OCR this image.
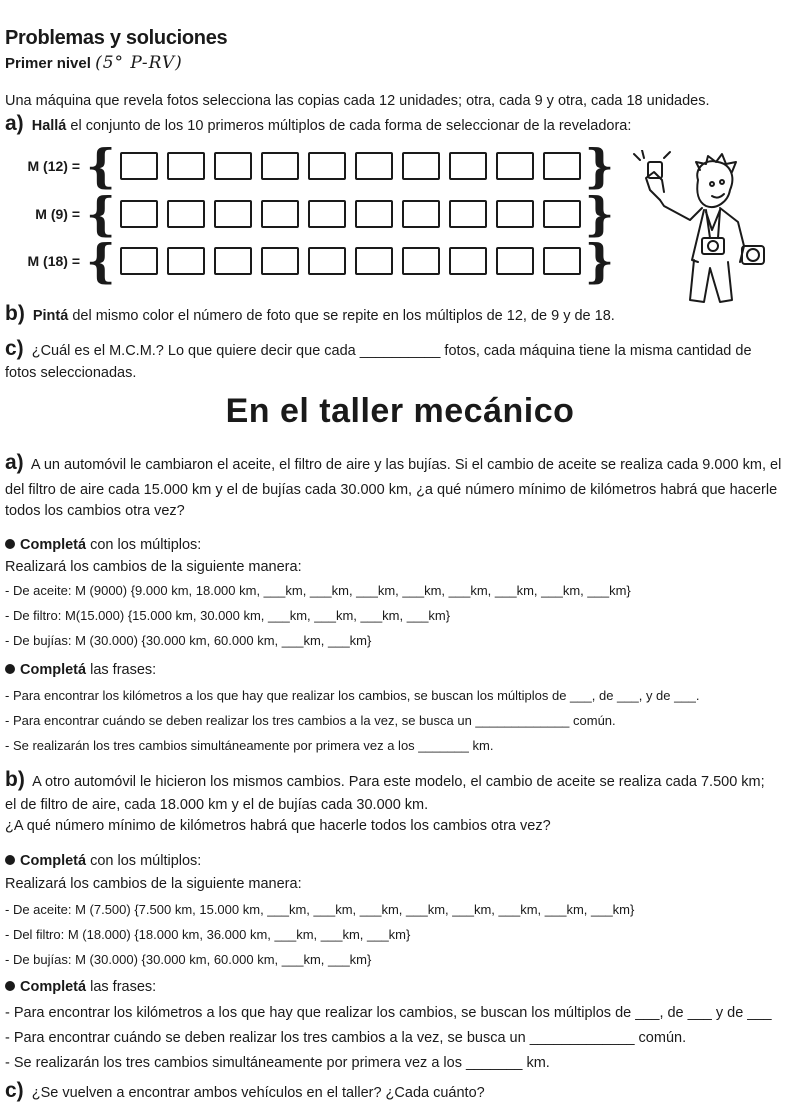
Problemas y soluciones
Primer nivel (5° P-RV)
Una máquina que revela fotos selecciona las copias cada 12 unidades; otra, cada 9 y otra, cada 18 unidades.
a) Hallá el conjunto de los 10 primeros múltiplos de cada forma de seleccionar de la reveladora:
M (12) = {	}
M (9) = {	}
M (18) = {	}
b) Pintá del mismo color el número de foto que se repite en los múltiplos de 12, de 9 y de 18.
c) ¿Cuál es el M.C.M.? Lo que quiere decir que cada __________ fotos, cada máquina tiene la misma cantidad de
fotos seleccionadas.
En el taller mecánico
a) A un automóvil le cambiaron el aceite, el filtro de aire y las bujías. Si el cambio de aceite se realiza cada 9.000 km, el
del filtro de aire cada 15.000 km y el de bujías cada 30.000 km, ¿a qué número mínimo de kilómetros habrá que hacerle
todos los cambios otra vez?
Completá con los múltiplos:
Realizará los cambios de la siguiente manera:
- De aceite: M (9000) {9.000 km, 18.000 km, ___km, ___km, ___km, ___km, ___km, ___km, ___km, ___km}
- De filtro: M(15.000) {15.000 km, 30.000 km, ___km, ___km, ___km, ___km}
- De bujías: M (30.000) {30.000 km, 60.000 km, ___km, ___km}
Completá las frases:
- Para encontrar los kilómetros a los que hay que realizar los cambios, se buscan los múltiplos de ___, de ___, y de ___.
- Para encontrar cuándo se deben realizar los tres cambios a la vez, se busca un _____________ común.
- Se realizarán los tres cambios simultáneamente por primera vez a los _______ km.
b) A otro automóvil le hicieron los mismos cambios. Para este modelo, el cambio de aceite se realiza cada 7.500 km;
el de filtro de aire, cada 18.000 km y el de bujías cada 30.000 km.
¿A qué número mínimo de kilómetros habrá que hacerle todos los cambios otra vez?
Completá con los múltiplos:
Realizará los cambios de la siguiente manera:
- De aceite: M (7.500) {7.500 km, 15.000 km, ___km, ___km, ___km, ___km, ___km, ___km, ___km, ___km}
- Del filtro: M (18.000) {18.000 km, 36.000 km, ___km, ___km, ___km}
- De bujías: M (30.000) {30.000 km, 60.000 km, ___km, ___km}
Completá las frases:
- Para encontrar los kilómetros a los que hay que realizar los cambios, se buscan los múltiplos de ___, de ___ y de ___
- Para encontrar cuándo se deben realizar los tres cambios a la vez, se busca un _____________ común.
- Se realizarán los tres cambios simultáneamente por primera vez a los _______ km.
c) ¿Se vuelven a encontrar ambos vehículos en el taller? ¿Cada cuánto?
